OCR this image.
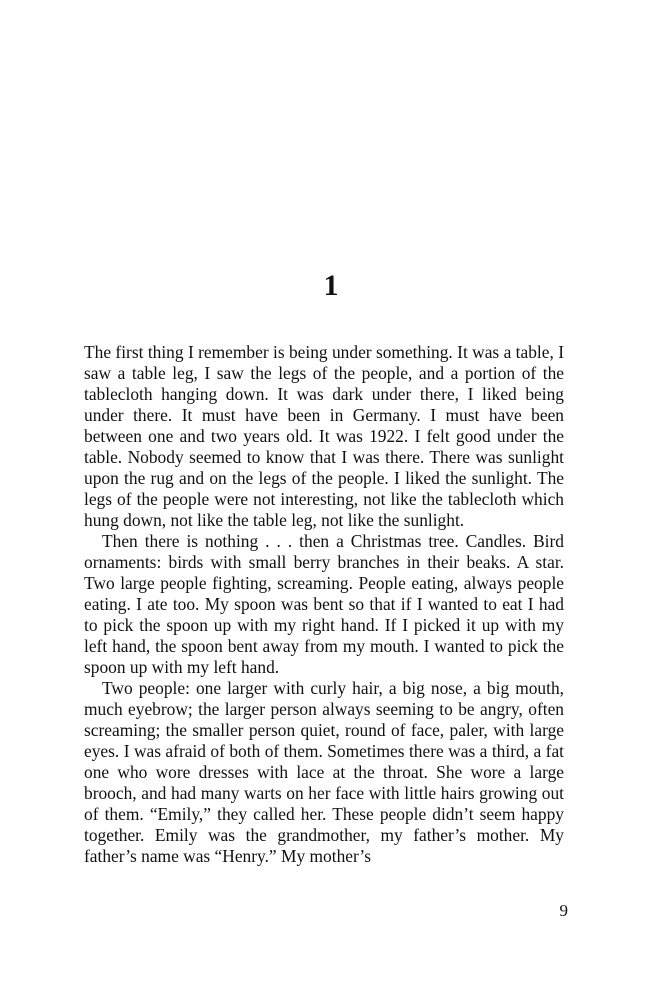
1

The first thing I remember is being under something. It was a table, I saw a table leg, I saw the legs of the people, and a portion of the tablecloth hanging down. It was dark under there, I liked being under there. It must have been in Germany. I must have been between one and two years old. It was 1922. I felt good under the table. Nobody seemed to know that I was there. There was sunlight upon the rug and on the legs of the people. I liked the sunlight. The legs of the people were not interesting, not like the tablecloth which hung down, not like the table leg, not like the sunlight.

Then there is nothing . . . then a Christmas tree. Candles. Bird ornaments: birds with small berry branches in their beaks. A star. Two large people fighting, screaming. People eating, always people eating. I ate too. My spoon was bent so that if I wanted to eat I had to pick the spoon up with my right hand. If I picked it up with my left hand, the spoon bent away from my mouth. I wanted to pick the spoon up with my left hand.

Two people: one larger with curly hair, a big nose, a big mouth, much eyebrow; the larger person always seeming to be angry, often screaming; the smaller person quiet, round of face, paler, with large eyes. I was afraid of both of them. Sometimes there was a third, a fat one who wore dresses with lace at the throat. She wore a large brooch, and had many warts on her face with little hairs growing out of them. “Emily,” they called her. These people didn’t seem happy together. Emily was the grandmother, my father’s mother. My father’s name was “Henry.” My mother’s

9
